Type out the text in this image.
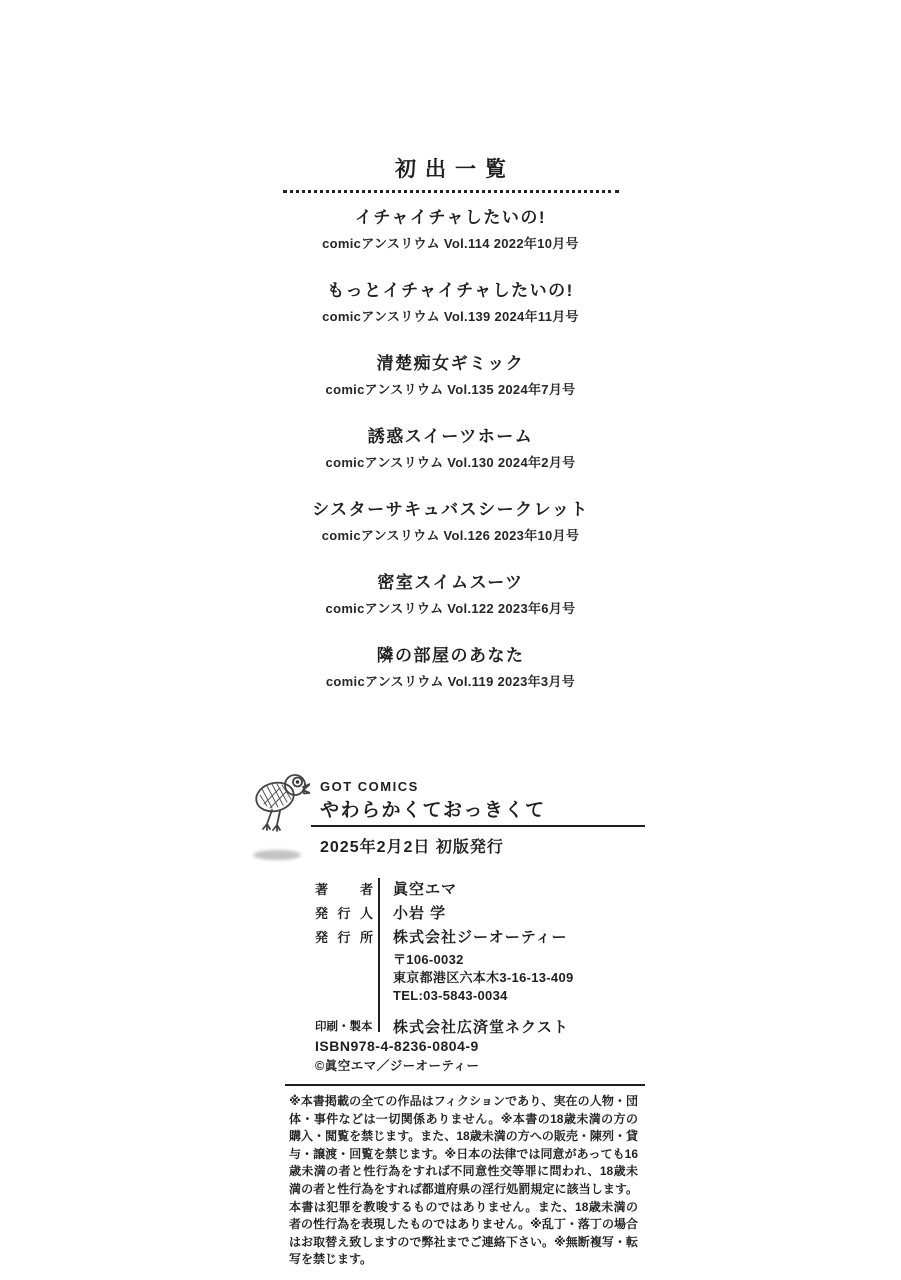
初出一覧
イチャイチャしたいの!
comicアンスリウム Vol.114 2022年10月号
もっとイチャイチャしたいの!
comicアンスリウム Vol.139 2024年11月号
清楚痴女ギミック
comicアンスリウム Vol.135 2024年7月号
誘惑スイーツホーム
comicアンスリウム Vol.130 2024年2月号
シスターサキュバスシークレット
comicアンスリウム Vol.126 2023年10月号
密室スイムスーツ
comicアンスリウム Vol.122 2023年6月号
隣の部屋のあなた
comicアンスリウム Vol.119 2023年3月号
GOT COMICS
やわらかくておっきくて
2025年2月2日 初版発行
著者 眞空エマ
発行人 小岩 学
発行所 株式会社ジーオーティー
〒106-0032
東京都港区六本木3-16-13-409
TEL:03-5843-0034
印刷・製本 株式会社広済堂ネクスト
ISBN978-4-8236-0804-9
©眞空エマ／ジーオーティー
※本書掲載の全ての作品はフィクションであり、実在の人物・団体・事件などは一切関係ありません。※本書の18歳未満の方の購入・閲覧を禁じます。また、18歳未満の方への販売・陳列・貸与・譲渡・回覧を禁じます。※日本の法律では同意があっても16歳未満の者と性行為をすれば不同意性交等罪に問われ、18歳未満の者と性行為をすれば都道府県の淫行処罰規定に該当します。本書は犯罪を教唆するものではありません。また、18歳未満の者の性行為を表現したものではありません。※乱丁・落丁の場合はお取替え致しますので弊社までご連絡下さい。※無断複写・転写を禁じます。
